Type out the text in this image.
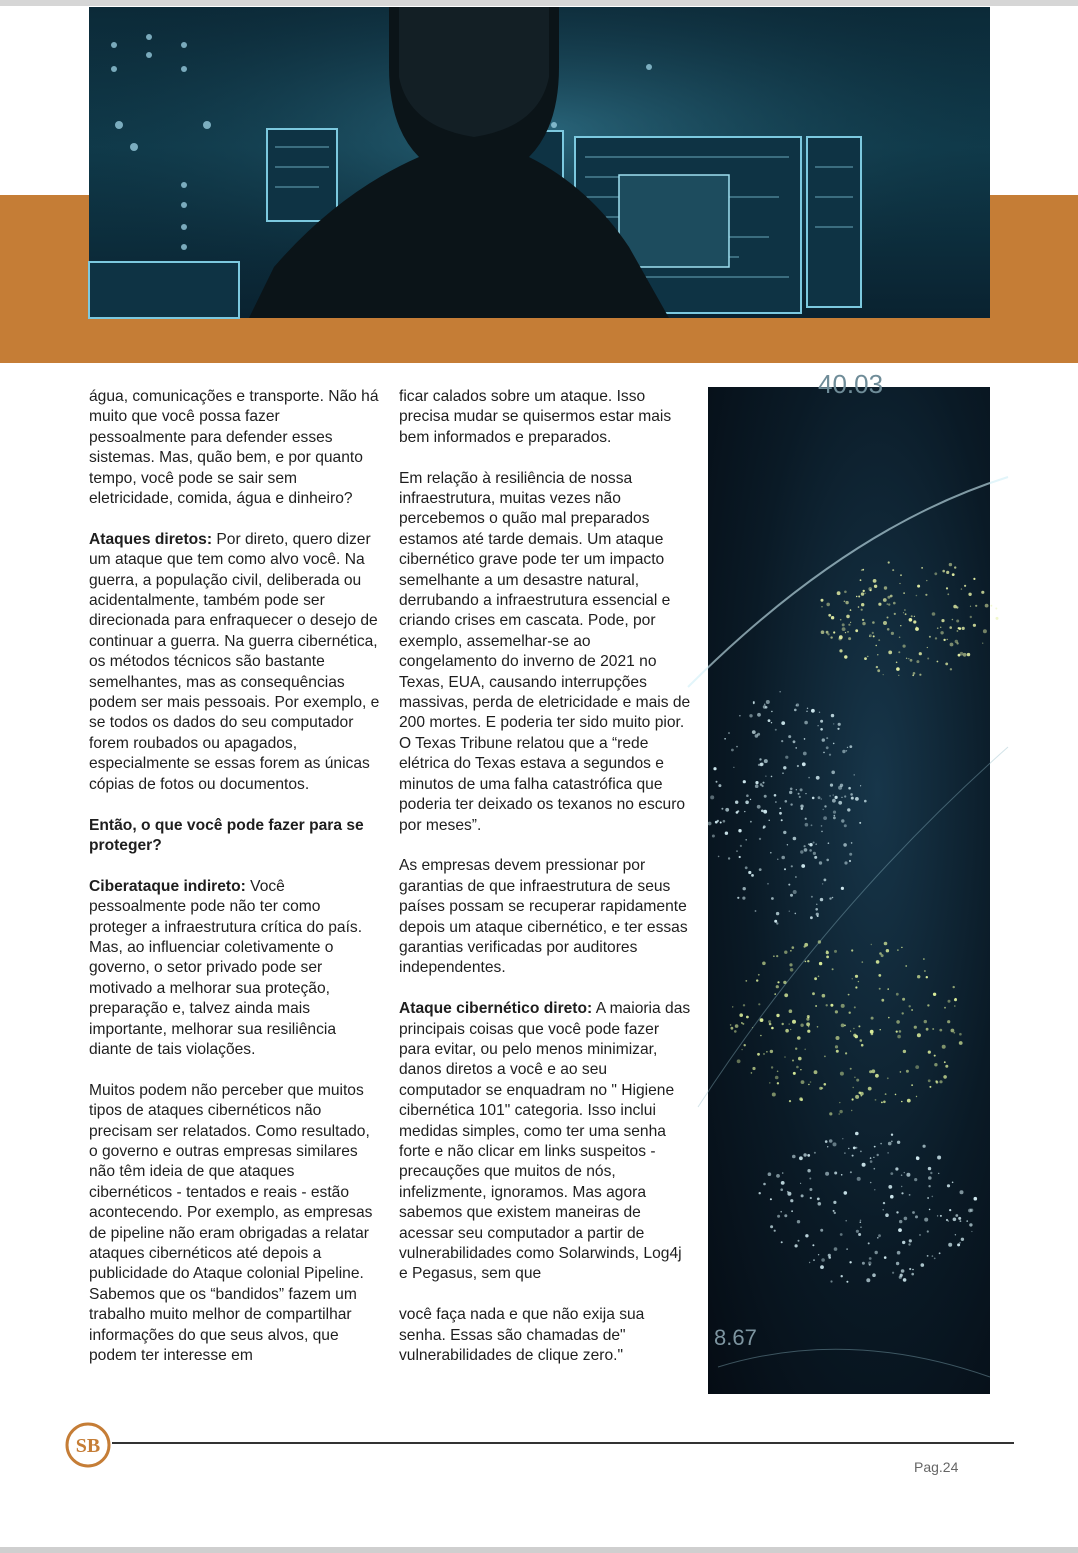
água, comunicações e transporte. Não há muito que você possa fazer pessoalmente para defender esses sistemas. Mas, quão bem, e por quanto tempo, você pode se sair sem eletricidade, comida, água e dinheiro?

Ataques diretos: Por direto, quero dizer um ataque que tem como alvo você. Na guerra, a população civil, deliberada ou acidentalmente, também pode ser direcionada para enfraquecer o desejo de continuar a guerra. Na guerra cibernética, os métodos técnicos são bastante semelhantes, mas as consequências podem ser mais pessoais. Por exemplo, e se todos os dados do seu computador forem roubados ou apagados, especialmente se essas forem as únicas cópias de fotos ou documentos.

Então, o que você pode fazer para se proteger?

Ciberataque indireto: Você pessoalmente pode não ter como proteger a infraestrutura crítica do país. Mas, ao influenciar coletivamente o governo, o setor privado pode ser motivado a melhorar sua proteção, preparação e, talvez ainda mais importante, melhorar sua resiliência diante de tais violações.

Muitos podem não perceber que muitos tipos de ataques cibernéticos não precisam ser relatados. Como resultado, o governo e outras empresas similares não têm ideia de que ataques cibernéticos - tentados e reais - estão acontecendo. Por exemplo, as empresas de pipeline não eram obrigadas a relatar ataques cibernéticos até depois a publicidade do Ataque colonial Pipeline. Sabemos que os “bandidos” fazem um trabalho muito melhor de compartilhar informações do que seus alvos, que podem ter interesse em

ficar calados sobre um ataque. Isso precisa mudar se quisermos estar mais bem informados e preparados.

Em relação à resiliência de nossa infraestrutura, muitas vezes não percebemos o quão mal preparados estamos até tarde demais. Um ataque cibernético grave pode ter um impacto semelhante a um desastre natural, derrubando a infraestrutura essencial e criando crises em cascata. Pode, por exemplo, assemelhar-se ao congelamento do inverno de 2021 no Texas, EUA, causando interrupções massivas, perda de eletricidade e mais de 200 mortes. E poderia ter sido muito pior. O Texas Tribune relatou que a “rede elétrica do Texas estava a segundos e minutos de uma falha catastrófica que poderia ter deixado os texanos no escuro por meses”.

As empresas devem pressionar por garantias de que infraestrutura de seus países possam se recuperar rapidamente depois um ataque cibernético, e ter essas garantias verificadas por auditores independentes.

Ataque cibernético direto: A maioria das principais coisas que você pode fazer para evitar, ou pelo menos minimizar, danos diretos a você e ao seu computador se enquadram no " Higiene cibernética 101" categoria. Isso inclui medidas simples, como ter uma senha forte e não clicar em links suspeitos - precauções que muitos de nós, infelizmente, ignoramos. Mas agora sabemos que existem maneiras de acessar seu computador a partir de vulnerabilidades como Solarwinds, Log4j e Pegasus, sem que

você faça nada e que não exija sua senha. Essas são chamadas de" vulnerabilidades de clique zero."

40.03
8.67
SB
Pag.24
